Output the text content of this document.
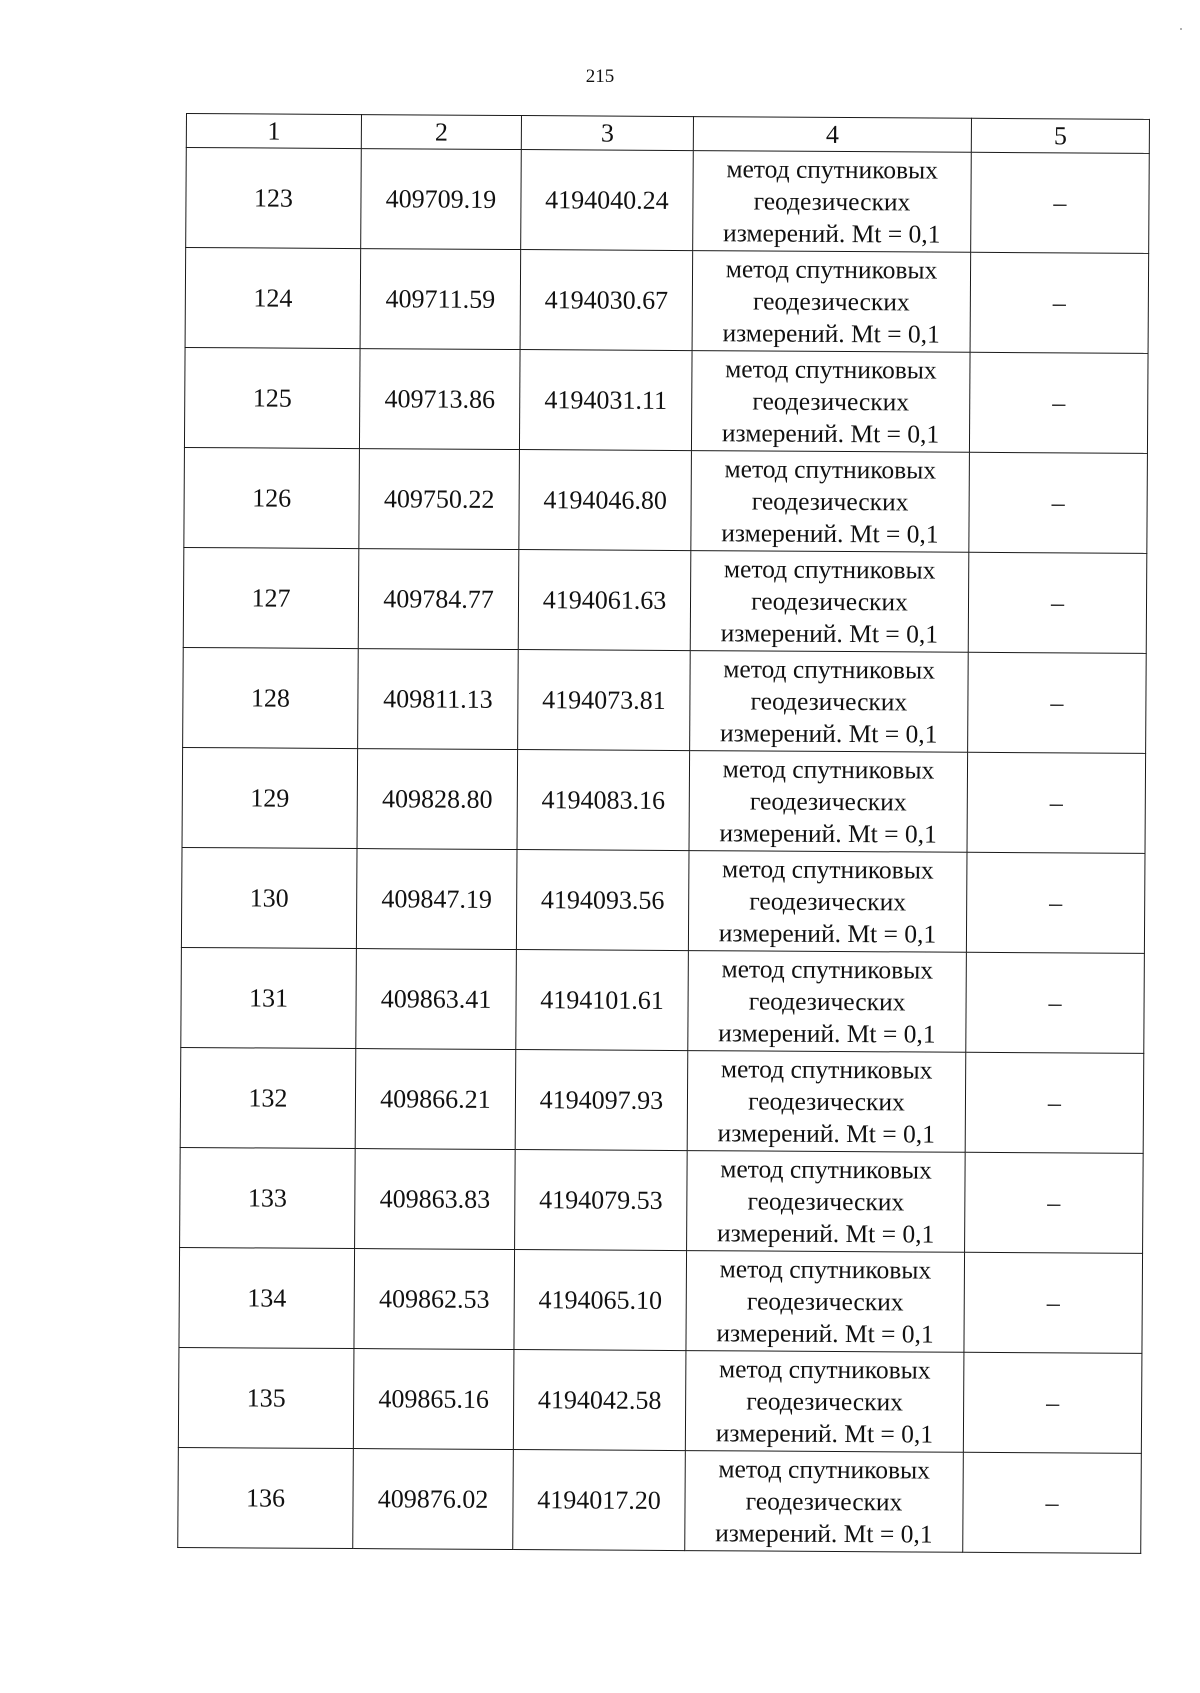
215
1	2	3	4	5
123	409709.19	4194040.24	метод спутниковых
геодезических
измерений. Mt = 0,1	–
124	409711.59	4194030.67	метод спутниковых
геодезических
измерений. Mt = 0,1	–
125	409713.86	4194031.11	метод спутниковых
геодезических
измерений. Mt = 0,1	–
126	409750.22	4194046.80	метод спутниковых
геодезических
измерений. Mt = 0,1	–
127	409784.77	4194061.63	метод спутниковых
геодезических
измерений. Mt = 0,1	–
128	409811.13	4194073.81	метод спутниковых
геодезических
измерений. Mt = 0,1	–
129	409828.80	4194083.16	метод спутниковых
геодезических
измерений. Mt = 0,1	–
130	409847.19	4194093.56	метод спутниковых
геодезических
измерений. Mt = 0,1	–
131	409863.41	4194101.61	метод спутниковых
геодезических
измерений. Mt = 0,1	–
132	409866.21	4194097.93	метод спутниковых
геодезических
измерений. Mt = 0,1	–
133	409863.83	4194079.53	метод спутниковых
геодезических
измерений. Mt = 0,1	–
134	409862.53	4194065.10	метод спутниковых
геодезических
измерений. Mt = 0,1	–
135	409865.16	4194042.58	метод спутниковых
геодезических
измерений. Mt = 0,1	–
136	409876.02	4194017.20	метод спутниковых
геодезических
измерений. Mt = 0,1	–
